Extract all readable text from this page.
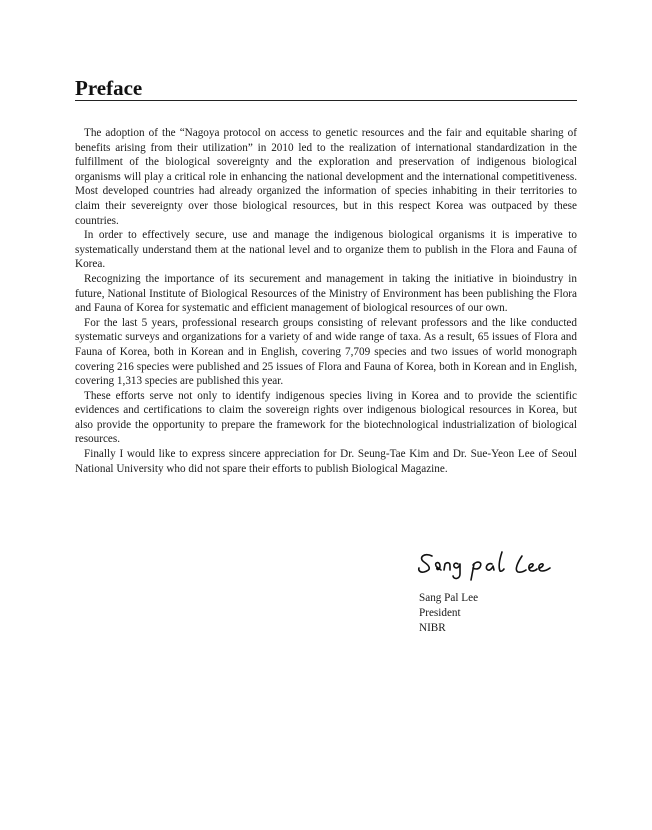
Preface

The adoption of the “Nagoya protocol on access to genetic resources and the fair and equitable sharing of benefits arising from their utilization” in 2010 led to the realization of international standardization in the fulfillment of the biological sovereignty and the exploration and preservation of indigenous biological organisms will play a critical role in enhancing the national development and the international competitiveness. Most developed countries had already organized the information of species inhabiting in their territories to claim their severeignty over those biological resources, but in this respect Korea was outpaced by these countries.

In order to effectively secure, use and manage the indigenous biological organisms it is imperative to systematically understand them at the national level and to organize them to publish in the Flora and Fauna of Korea.

Recognizing the importance of its securement and management in taking the initiative in bioindustry in future, National Institute of Biological Resources of the Ministry of Environment has been publishing the Flora and Fauna of Korea for systematic and efficient management of biological resources of our own.

For the last 5 years, professional research groups consisting of relevant professors and the like conducted systematic surveys and organizations for a variety of and wide range of taxa. As a result, 65 issues of Flora and Fauna of Korea, both in Korean and in English, covering 7,709 species and two issues of world monograph covering 216 species were published and 25 issues of Flora and Fauna of Korea, both in Korean and in English, covering 1,313 species are published this year.

These efforts serve not only to identify indigenous species living in Korea and to provide the scientific evidences and certifications to claim the sovereign rights over indigenous biological resources in Korea, but also provide the opportunity to prepare the framework for the biotechnological industrialization of biological resources.

Finally I would like to express sincere appreciation for Dr. Seung-Tae Kim and Dr. Sue-Yeon Lee of Seoul National University who did not spare their efforts to publish Biological Magazine.

Sang Pal Lee
President
NIBR
